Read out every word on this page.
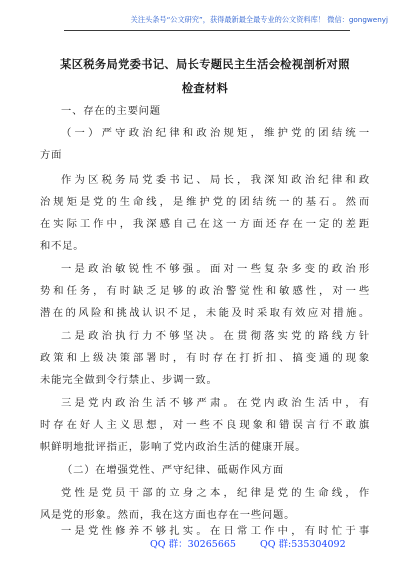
关注头条号“公文研究”，获得最新最全最专业的公文资料库！ 微信：gongwenyj
某区税务局党委书记、局长专题民主生活会检视剖析对照
检查材料
一、存在的主要问题
（一）严守政治纪律和政治规矩，维护党的团结统一
方面
作为区税务局党委书记、局长，我深知政治纪律和政
治规矩是党的生命线，是维护党的团结统一的基石。然而
在实际工作中，我深感自己在这一方面还存在一定的差距
和不足。
一是政治敏锐性不够强。面对一些复杂多变的政治形
势和任务，有时缺乏足够的政治警觉性和敏感性，对一些
潜在的风险和挑战认识不足，未能及时采取有效应对措施。
二是政治执行力不够坚决。在贯彻落实党的路线方针
政策和上级决策部署时，有时存在打折扣、搞变通的现象
未能完全做到令行禁止、步调一致。
三是党内政治生活不够严肃。在党内政治生活中，有
时存在好人主义思想，对一些不良现象和错误言行不敢旗
帜鲜明地批评指正，影响了党内政治生活的健康开展。
（二）在增强党性、严守纪律、砥砺作风方面
党性是党员干部的立身之本，纪律是党的生命线，作
风是党的形象。然而，我在这方面也存在一些问题。
一是党性修养不够扎实。在日常工作中，有时忙于事
QQ 群：30265665	QQ 群:535304092
